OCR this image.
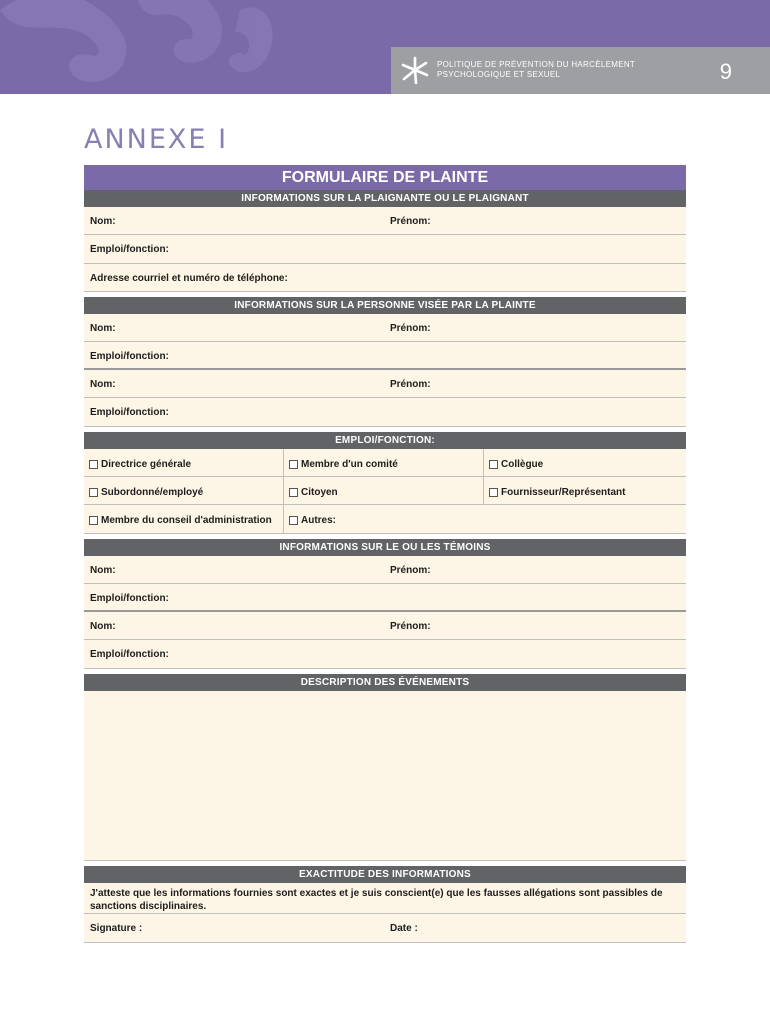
POLITIQUE DE PRÉVENTION DU HARCÈLEMENT
PSYCHOLOGIQUE ET SEXUEL	9
ANNEXE I
FORMULAIRE DE PLAINTE
INFORMATIONS SUR LA PLAIGNANTE OU LE PLAIGNANT
Nom:	Prénom:
Emploi/fonction:
Adresse courriel et numéro de téléphone:
INFORMATIONS SUR LA PERSONNE VISÉE PAR LA PLAINTE
Nom:	Prénom:
Emploi/fonction:
Nom:	Prénom:
Emploi/fonction:
EMPLOI/FONCTION:
Directrice générale	Membre d'un comité	Collègue
Subordonné/employé	Citoyen	Fournisseur/Représentant
Membre du conseil d'administration	Autres:
INFORMATIONS SUR LE OU LES TÉMOINS
Nom:	Prénom:
Emploi/fonction:
Nom:	Prénom:
Emploi/fonction:
DESCRIPTION DES ÉVÉNEMENTS
EXACTITUDE DES INFORMATIONS
J'atteste que les informations fournies sont exactes et je suis conscient(e) que les fausses allégations sont passibles de sanctions disciplinaires.
Signature :	Date :
